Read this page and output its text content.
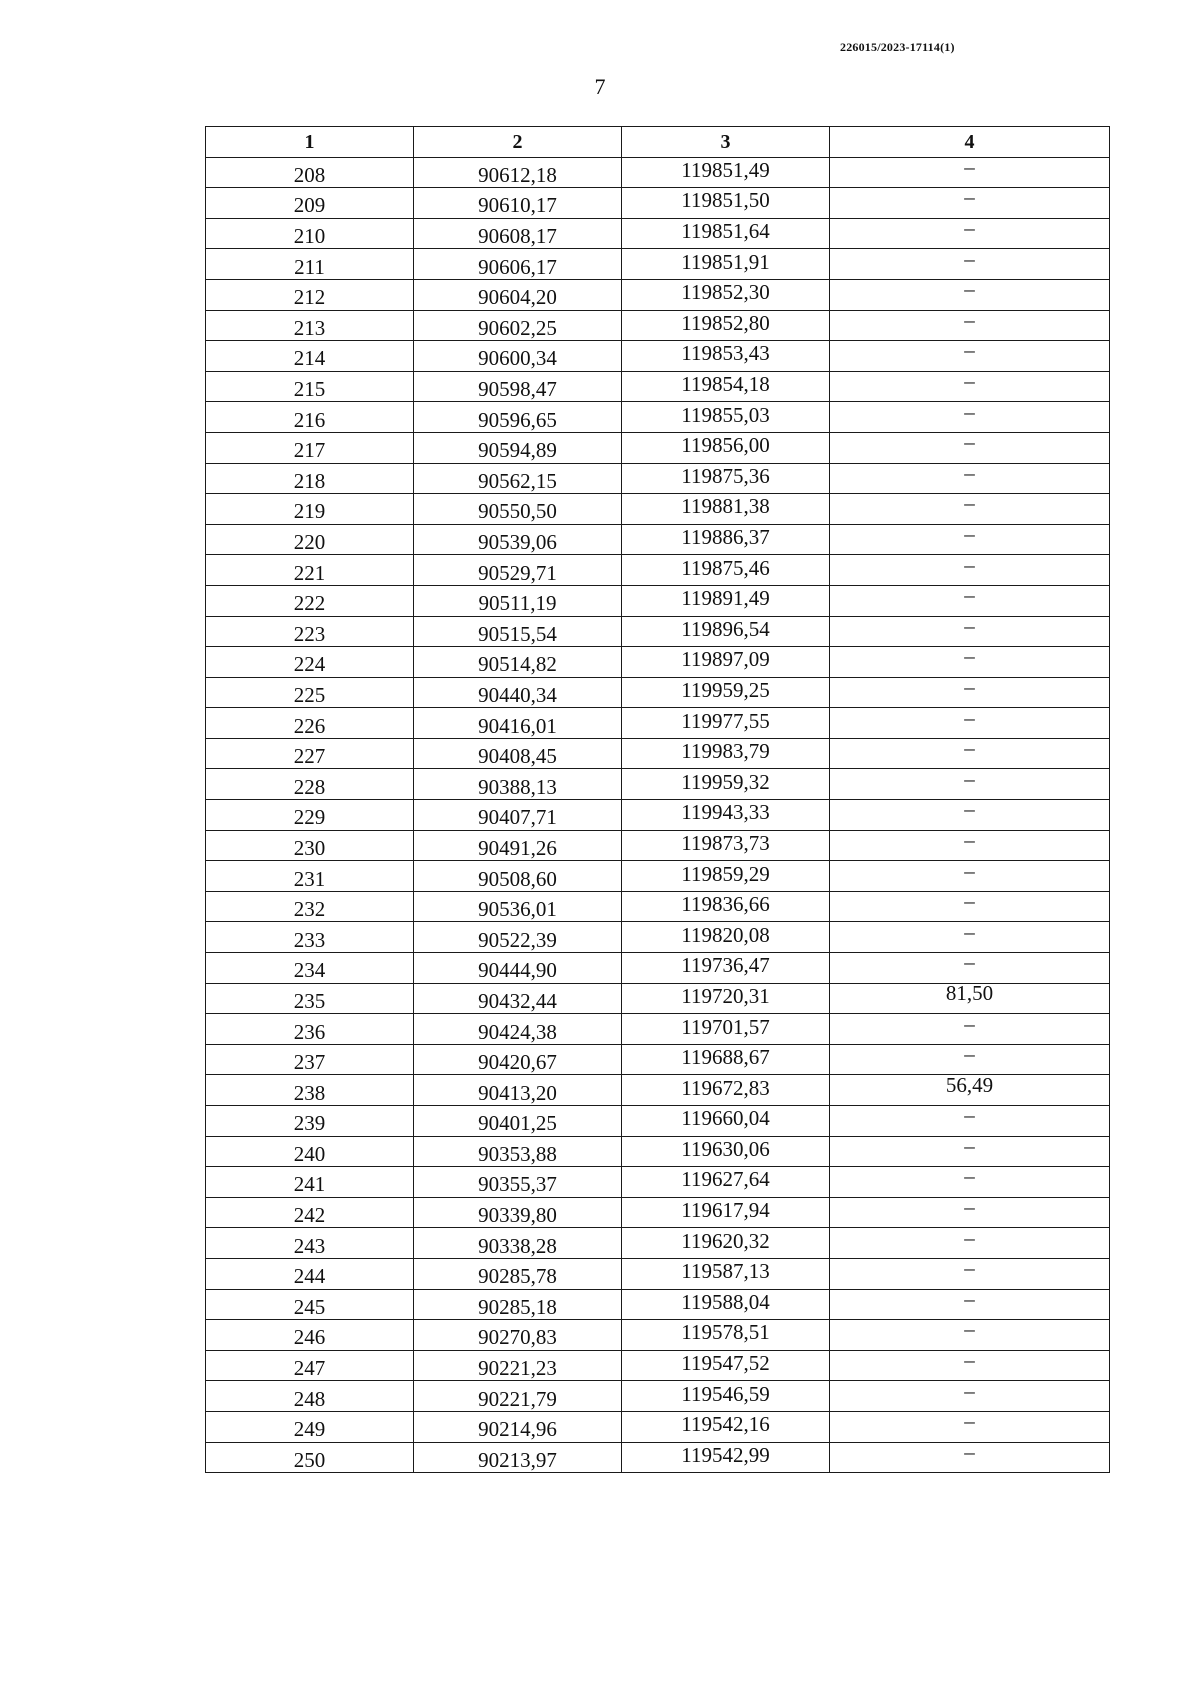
226015/2023-17114(1)
7
1	2	3	4
208	90612,18	119851,49	–
209	90610,17	119851,50	–
210	90608,17	119851,64	–
211	90606,17	119851,91	–
212	90604,20	119852,30	–
213	90602,25	119852,80	–
214	90600,34	119853,43	–
215	90598,47	119854,18	–
216	90596,65	119855,03	–
217	90594,89	119856,00	–
218	90562,15	119875,36	–
219	90550,50	119881,38	–
220	90539,06	119886,37	–
221	90529,71	119875,46	–
222	90511,19	119891,49	–
223	90515,54	119896,54	–
224	90514,82	119897,09	–
225	90440,34	119959,25	–
226	90416,01	119977,55	–
227	90408,45	119983,79	–
228	90388,13	119959,32	–
229	90407,71	119943,33	–
230	90491,26	119873,73	–
231	90508,60	119859,29	–
232	90536,01	119836,66	–
233	90522,39	119820,08	–
234	90444,90	119736,47	–
235	90432,44	119720,31	81,50
236	90424,38	119701,57	–
237	90420,67	119688,67	–
238	90413,20	119672,83	56,49
239	90401,25	119660,04	–
240	90353,88	119630,06	–
241	90355,37	119627,64	–
242	90339,80	119617,94	–
243	90338,28	119620,32	–
244	90285,78	119587,13	–
245	90285,18	119588,04	–
246	90270,83	119578,51	–
247	90221,23	119547,52	–
248	90221,79	119546,59	–
249	90214,96	119542,16	–
250	90213,97	119542,99	–
